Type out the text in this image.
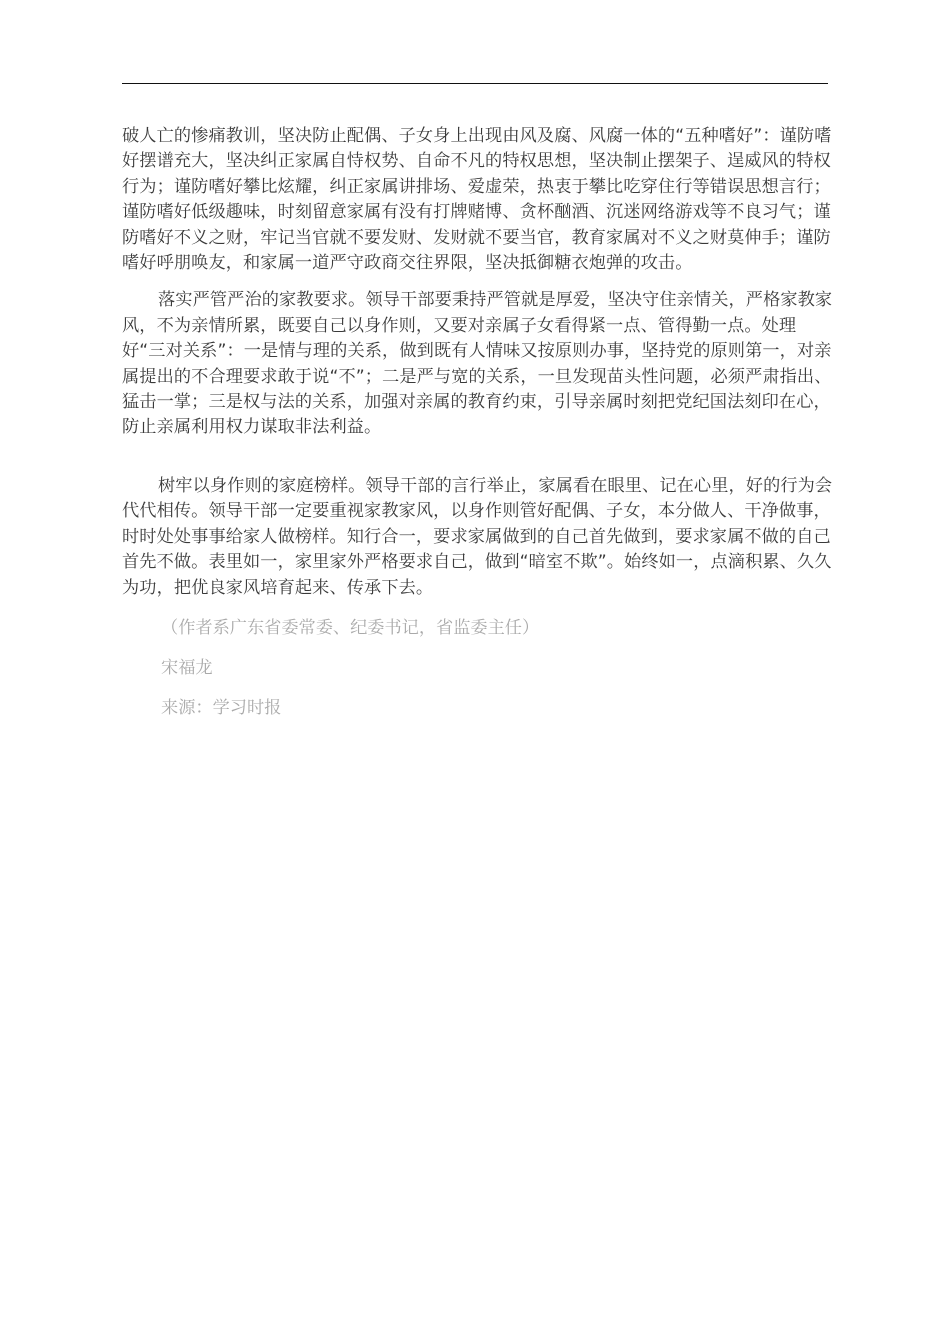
破人亡的惨痛教训，坚决防止配偶、子女身上出现由风及腐、风腐一体的“五种嗜好”：谨防嗜好摆谱充大，坚决纠正家属自恃权势、自命不凡的特权思想，坚决制止摆架子、逞威风的特权行为；谨防嗜好攀比炫耀，纠正家属讲排场、爱虚荣，热衷于攀比吃穿住行等错误思想言行；谨防嗜好低级趣味，时刻留意家属有没有打牌赌博、贪杯酗酒、沉迷网络游戏等不良习气；谨防嗜好不义之财，牢记当官就不要发财、发财就不要当官，教育家属对不义之财莫伸手；谨防嗜好呼朋唤友，和家属一道严守政商交往界限，坚决抵御糖衣炮弹的攻击。

落实严管严治的家教要求。领导干部要秉持严管就是厚爱，坚决守住亲情关，严格家教家风，不为亲情所累，既要自己以身作则，又要对亲属子女看得紧一点、管得勤一点。处理好“三对关系”：一是情与理的关系，做到既有人情味又按原则办事，坚持党的原则第一，对亲属提出的不合理要求敢于说“不”；二是严与宽的关系，一旦发现苗头性问题，必须严肃指出、猛击一掌；三是权与法的关系，加强对亲属的教育约束，引导亲属时刻把党纪国法刻印在心，防止亲属利用权力谋取非法利益。

树牢以身作则的家庭榜样。领导干部的言行举止，家属看在眼里、记在心里，好的行为会代代相传。领导干部一定要重视家教家风，以身作则管好配偶、子女，本分做人、干净做事，时时处处事事给家人做榜样。知行合一，要求家属做到的自己首先做到，要求家属不做的自己首先不做。表里如一，家里家外严格要求自己，做到“暗室不欺”。始终如一，点滴积累、久久为功，把优良家风培育起来、传承下去。

（作者系广东省委常委、纪委书记，省监委主任）

宋福龙

来源：学习时报
